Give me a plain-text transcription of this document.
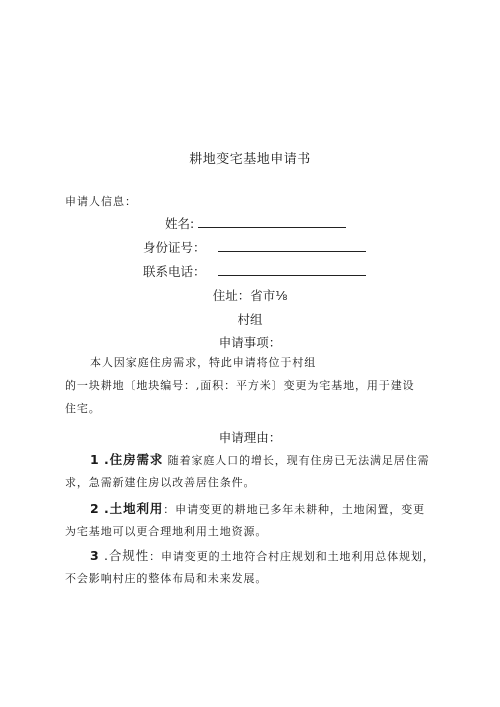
耕地变宅基地申请书
申请人信息：
姓名:
身份证号：
联系电话：
住址：省市⅛
村组
申请事项：
本人因家庭住房需求，特此申请将位于村组
的一块耕地〔地块编号：,面积：平方米〕变更为宅基地，用于建设
住宅。
申请理由：
1 .住房需求 随着家庭人口的增长，现有住房已无法满足居住需
求，急需新建住房以改善居住条件。
2 .土地利用：申请变更的耕地已多年未耕种，土地闲置，变更
为宅基地可以更合理地利用土地资源。
3 .合规性：申请变更的土地符合村庄规划和土地利用总体规划，
不会影响村庄的整体布局和未来发展。
